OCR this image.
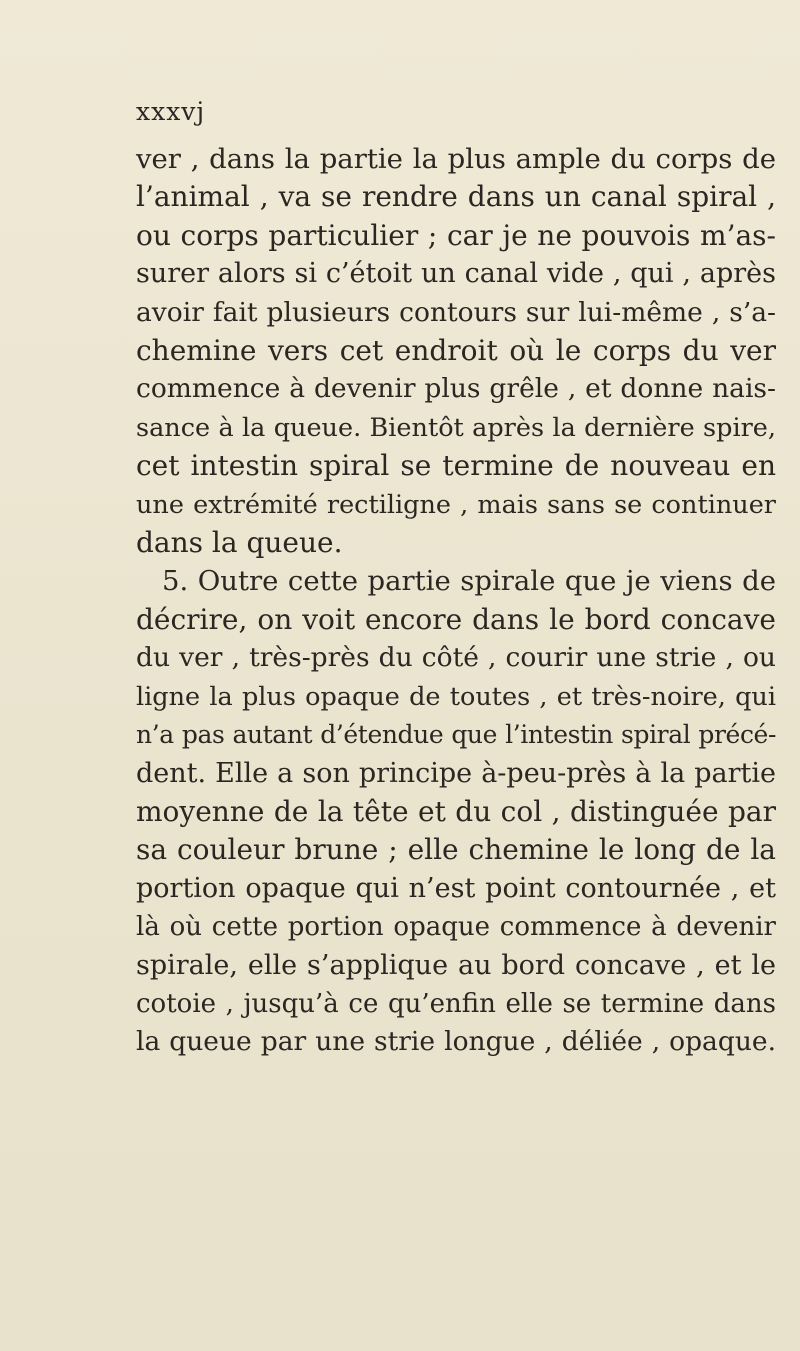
xxxvj
ver , dans la partie la plus ample du corps de
l’animal , va se rendre dans un canal spiral ,
ou corps particulier ; car je ne pouvois m’as-
surer alors si c’étoit un canal vide , qui , après
avoir fait plusieurs contours sur lui-même , s’a-
chemine vers cet endroit où le corps du ver
commence à devenir plus grêle , et donne nais-
sance à la queue. Bientôt après la dernière spire,
cet intestin spiral se termine de nouveau en
une extrémité rectiligne , mais sans se continuer
dans la queue.
5. Outre cette partie spirale que je viens de
décrire, on voit encore dans le bord concave
du ver , très-près du côté , courir une strie , ou
ligne la plus opaque de toutes , et très-noire, qui
n’a pas autant d’étendue que l’intestin spiral précé-
dent. Elle a son principe à-peu-près à la partie
moyenne de la tête et du col , distinguée par
sa couleur brune ; elle chemine le long de la
portion opaque qui n’est point contournée , et
là où cette portion opaque commence à devenir
spirale, elle s’applique au bord concave , et le
cotoie , jusqu’à ce qu’enfin elle se termine dans
la queue par une strie longue , déliée , opaque.
